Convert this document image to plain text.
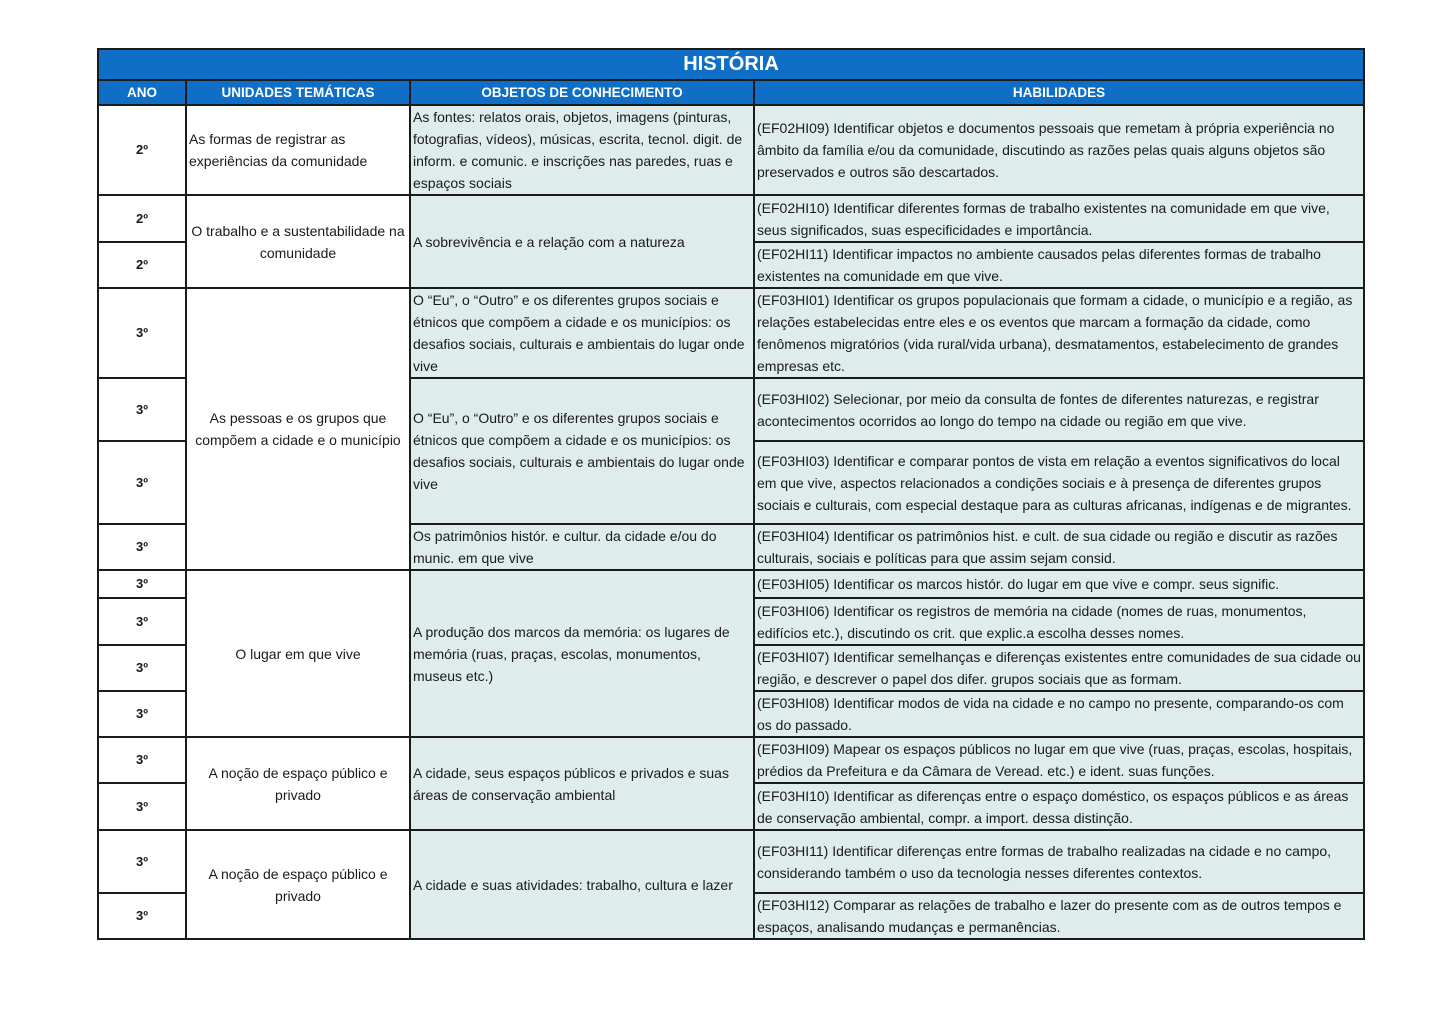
HISTÓRIA			
ANO	UNIDADES TEMÁTICAS	OBJETOS DE CONHECIMENTO	HABILIDADES
2º	As formas de registrar as experiências da comunidade	As fontes: relatos orais, objetos, imagens (pinturas, fotografias, vídeos), músicas, escrita, tecnol. digit. de inform. e comunic. e inscrições nas paredes, ruas e espaços sociais	(EF02HI09) Identificar objetos e documentos pessoais que remetam à própria experiência no âmbito da família e/ou da comunidade, discutindo as razões pelas quais alguns objetos são preservados e outros são descartados.
2º	O trabalho e a sustentabilidade na comunidade	A sobrevivência e a relação com a natureza	(EF02HI10) Identificar diferentes formas de trabalho existentes na comunidade em que vive, seus significados, suas especificidades e importância.
2º			(EF02HI11) Identificar impactos no ambiente causados pelas diferentes formas de trabalho existentes na comunidade em que vive.
3º	As pessoas e os grupos que compõem a cidade e o município	O “Eu”, o “Outro” e os diferentes grupos sociais e étnicos que compõem a cidade e os municípios: os desafios sociais, culturais e ambientais do lugar onde vive	(EF03HI01) Identificar os grupos populacionais que formam a cidade, o município e a região, as relações estabelecidas entre eles e os eventos que marcam a formação da cidade, como fenômenos migratórios (vida rural/vida urbana), desmatamentos, estabelecimento de grandes empresas etc.
3º		O “Eu”, o “Outro” e os diferentes grupos sociais e étnicos que compõem a cidade e os municípios: os desafios sociais, culturais e ambientais do lugar onde vive	(EF03HI02) Selecionar, por meio da consulta de fontes de diferentes naturezas, e registrar acontecimentos ocorridos ao longo do tempo na cidade ou região em que vive.
3º			(EF03HI03) Identificar e comparar pontos de vista em relação a eventos significativos do local em que vive, aspectos relacionados a condições sociais e à presença de diferentes grupos sociais e culturais, com especial destaque para as culturas africanas, indígenas e de migrantes.
3º		Os patrimônios histór. e cultur. da cidade e/ou do munic. em que vive	(EF03HI04) Identificar os patrimônios hist. e cult. de sua cidade ou região e discutir as razões culturais, sociais e políticas para que assim sejam consid.
3º	O lugar em que vive	A produção dos marcos da memória: os lugares de memória (ruas, praças, escolas, monumentos, museus etc.)	(EF03HI05) Identificar os marcos histór. do lugar em que vive e compr. seus signific.
3º			(EF03HI06) Identificar os registros de memória na cidade (nomes de ruas, monumentos, edifícios etc.), discutindo os crit. que explic.a escolha desses nomes.
3º			(EF03HI07) Identificar semelhanças e diferenças existentes entre comunidades de sua cidade ou região, e descrever o papel dos difer. grupos sociais que as formam.
3º			(EF03HI08) Identificar modos de vida na cidade e no campo no presente, comparando-os com os do passado.
3º	A noção de espaço público e privado	A cidade, seus espaços públicos e privados e suas áreas de conservação ambiental	(EF03HI09) Mapear os espaços públicos no lugar em que vive (ruas, praças, escolas, hospitais, prédios da Prefeitura e da Câmara de Veread. etc.) e ident. suas funções.
3º			(EF03HI10) Identificar as diferenças entre o espaço doméstico, os espaços públicos e as áreas de conservação ambiental, compr. a import. dessa distinção.
3º	A noção de espaço público e privado	A cidade e suas atividades: trabalho, cultura e lazer	(EF03HI11) Identificar diferenças entre formas de trabalho realizadas na cidade e no campo, considerando também o uso da tecnologia nesses diferentes contextos.
3º			(EF03HI12) Comparar as relações de trabalho e lazer do presente com as de outros tempos e espaços, analisando mudanças e permanências.
